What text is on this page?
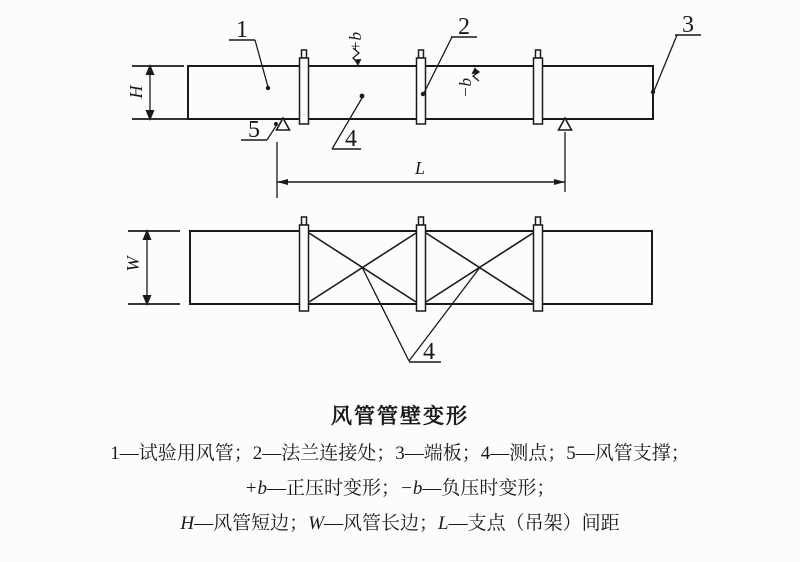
H
+b
−b
1	2	3
4
5
L
W
4
风管管壁变形
1—试验用风管；2—法兰连接处；3—端板；4—测点；5—风管支撑；
+b—正压时变形；−b—负压时变形；
H—风管短边；W—风管长边；L—支点（吊架）间距
